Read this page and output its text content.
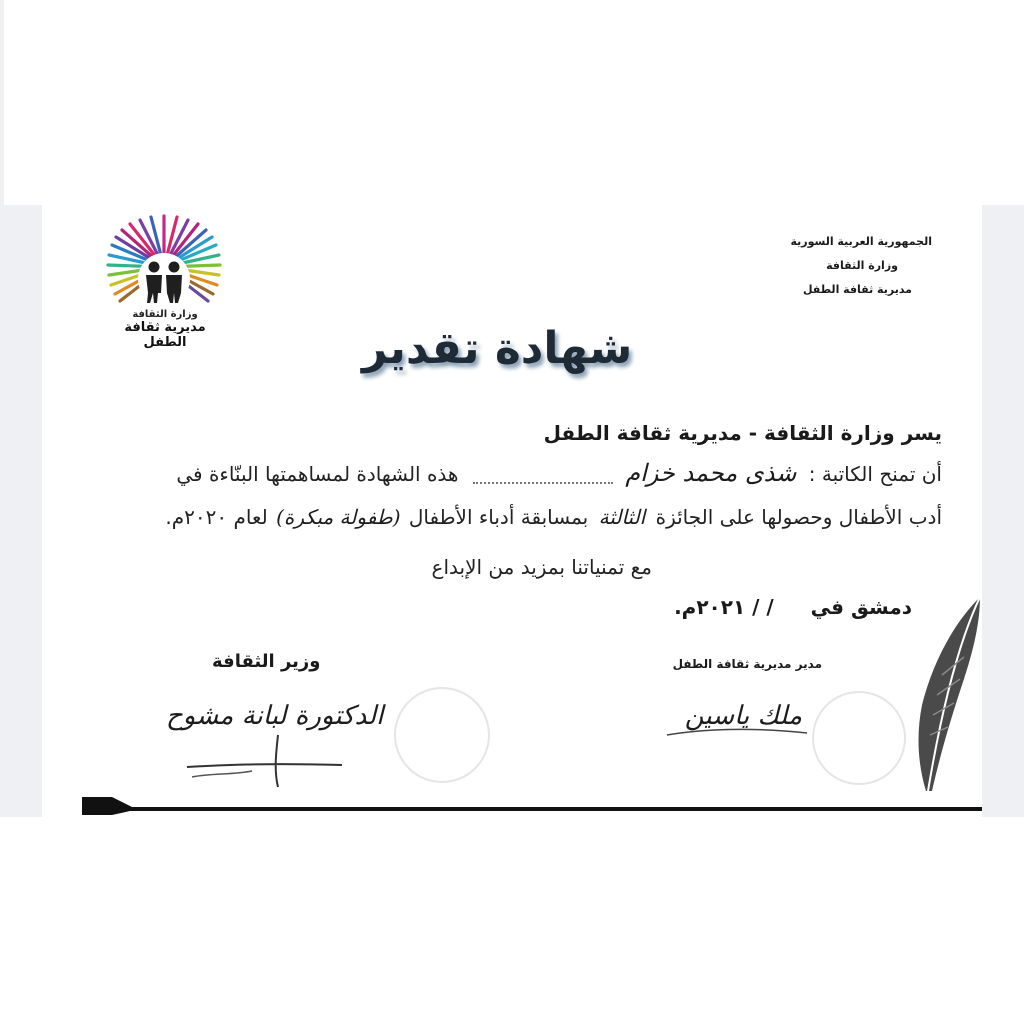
وزارة الثقافة
مديرية ثقافة الطفل
الجمهورية العربية السورية
وزارة الثقافة
مديرية ثقافة الطفل
شهادة تقدير
يسر وزارة الثقافة - مديرية ثقافة الطفل
أن تمنح الكاتبة : شذى محمد خزام  هذه الشهادة لمساهمتها البنّاءة في
أدب الأطفال وحصولها على الجائزة الثالثة بمسابقة أدباء الأطفال (طفولة مبكرة) لعام ٢٠٢٠م.
مع تمنياتنا بمزيد من الإبداع
دمشق في / / ٢٠٢١م.
وزير الثقافة
الدكتورة لبانة مشوح
مدير مديرية ثقافة الطفل
ملك ياسين
